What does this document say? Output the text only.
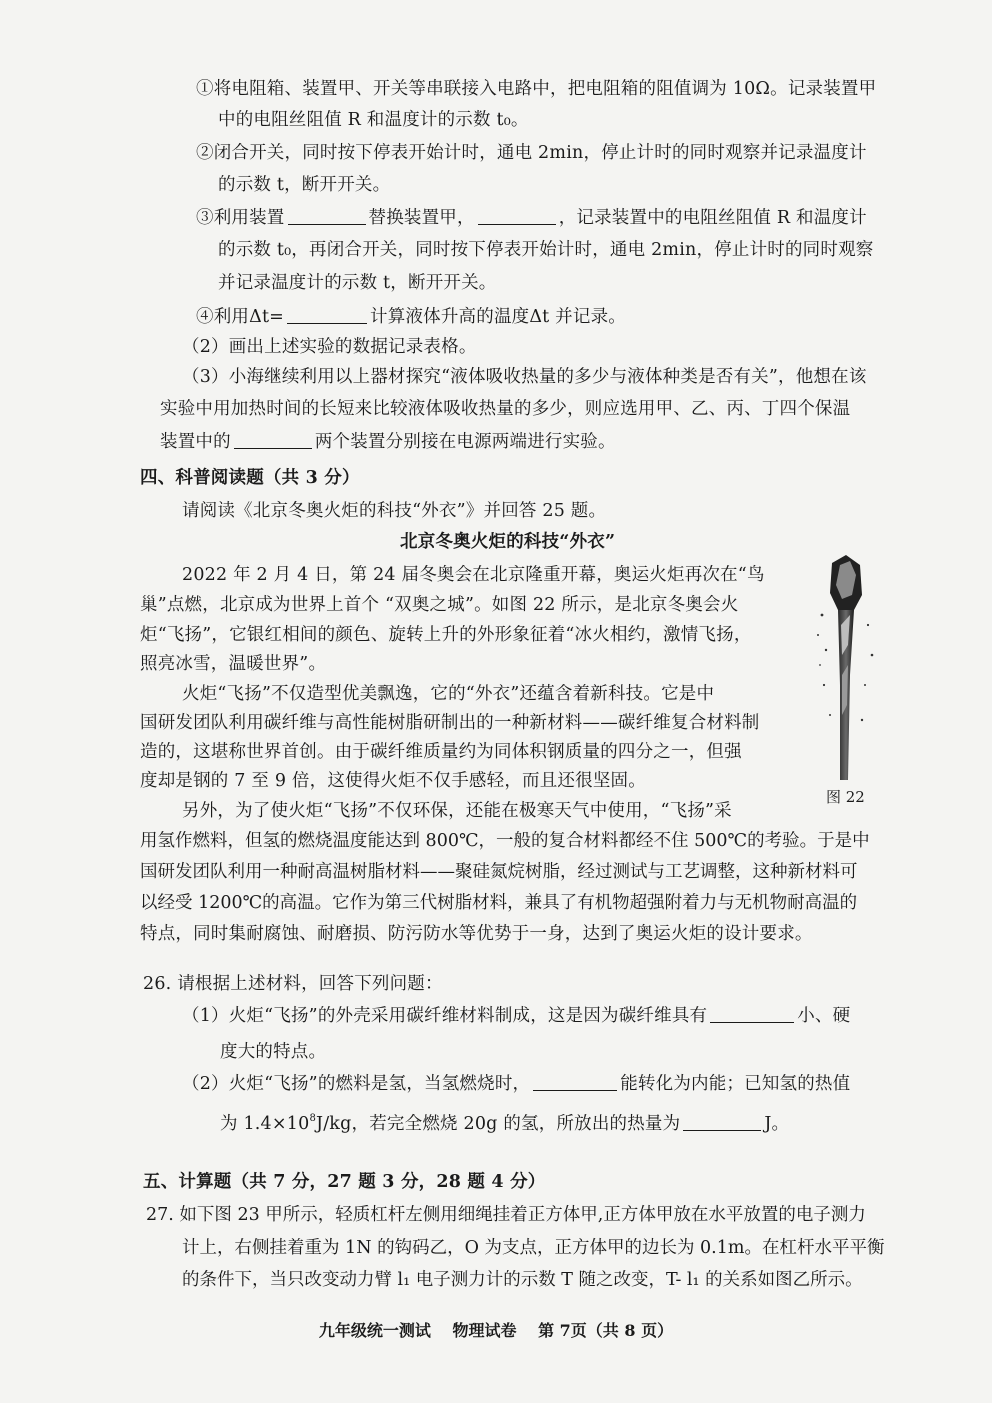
①将电阻箱、装置甲、开关等串联接入电路中，把电阻箱的阻值调为 10Ω。记录装置甲
中的电阻丝阻值 R 和温度计的示数 t₀。
②闭合开关，同时按下停表开始计时，通电 2min，停止计时的同时观察并记录温度计
的示数 t，断开开关。
③利用装置	替换装置甲，	，记录装置中的电阻丝阻值 R 和温度计
的示数 t₀，再闭合开关，同时按下停表开始计时，通电 2min，停止计时的同时观察
并记录温度计的示数 t，断开开关。
④利用Δt=	计算液体升高的温度Δt 并记录。
（2）画出上述实验的数据记录表格。
（3）小海继续利用以上器材探究“液体吸收热量的多少与液体种类是否有关”，他想在该
实验中用加热时间的长短来比较液体吸收热量的多少，则应选用甲、乙、丙、丁四个保温
装置中的	两个装置分别接在电源两端进行实验。
四、科普阅读题（共 3 分）
请阅读《北京冬奥火炬的科技“外衣”》并回答 25 题。
北京冬奥火炬的科技“外衣”
2022 年 2 月 4 日，第 24 届冬奥会在北京隆重开幕，奥运火炬再次在“鸟
巢”点燃，北京成为世界上首个 “双奥之城”。如图 22 所示，是北京冬奥会火
炬“飞扬”，它银红相间的颜色、旋转上升的外形象征着“冰火相约，激情飞扬，
照亮冰雪，温暖世界”。
火炬“飞扬”不仅造型优美飘逸，它的“外衣”还蕴含着新科技。它是中
国研发团队利用碳纤维与高性能树脂研制出的一种新材料——碳纤维复合材料制
造的，这堪称世界首创。由于碳纤维质量约为同体积钢质量的四分之一，但强
度却是钢的 7 至 9 倍，这使得火炬不仅手感轻，而且还很坚固。
另外，为了使火炬“飞扬”不仅环保，还能在极寒天气中使用，“飞扬”采
用氢作燃料，但氢的燃烧温度能达到 800℃，一般的复合材料都经不住 500℃的考验。于是中
国研发团队利用一种耐高温树脂材料——聚硅氮烷树脂，经过测试与工艺调整，这种新材料可
以经受 1200℃的高温。它作为第三代树脂材料，兼具了有机物超强附着力与无机物耐高温的
特点，同时集耐腐蚀、耐磨损、防污防水等优势于一身，达到了奥运火炬的设计要求。
图 22
26. 请根据上述材料，回答下列问题：
（1）火炬“飞扬”的外壳采用碳纤维材料制成，这是因为碳纤维具有	小、硬
度大的特点。
（2）火炬“飞扬”的燃料是氢，当氢燃烧时，	能转化为内能；已知氢的热值
为 $1.4\times 10^8J/kg$，若完全燃烧 20g 的氢，所放出的热量为	J。
五、计算题（共 7 分，27 题 3 分，28 题 4 分）
27. 如下图 23 甲所示，轻质杠杆左侧用细绳挂着正方体甲,正方体甲放在水平放置的电子测力
计上，右侧挂着重为 1N 的钩码乙，O 为支点，正方体甲的边长为 0.1m。在杠杆水平平衡
的条件下，当只改变动力臂 l₁ 电子测力计的示数 T 随之改变，T- l₁ 的关系如图乙所示。
九年级统一测试 物理试卷 第 7页（共 8 页）
